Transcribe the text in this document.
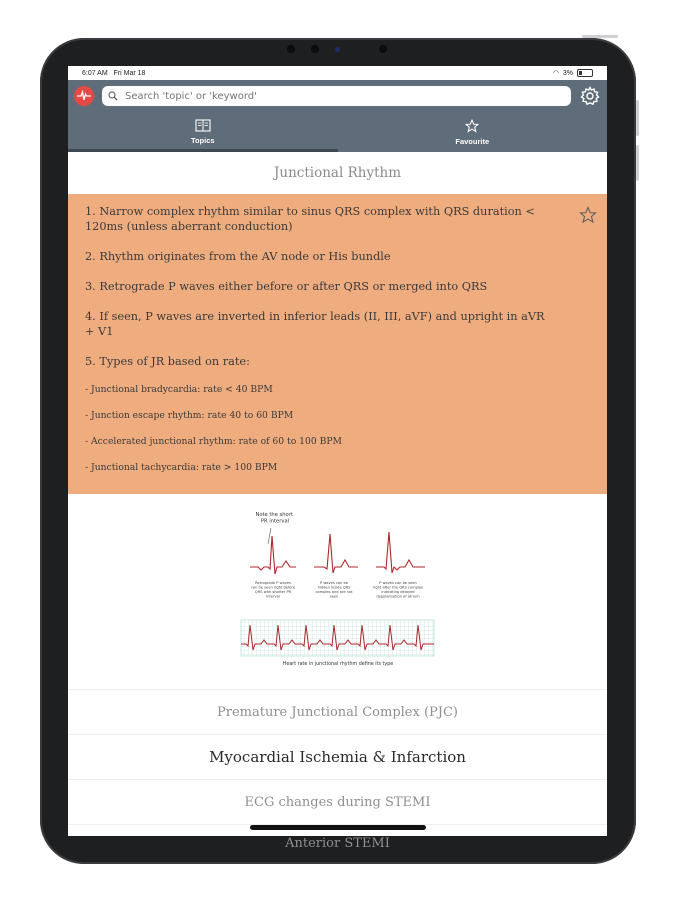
6:07 AM Fri Mar 18	◠ 3%
Search 'topic' or 'keyword'
Topics	Favourite
Junctional Rhythm

1. Narrow complex rhythm similar to sinus QRS complex with QRS duration < 120ms (unless aberrant conduction)

2. Rhythm originates from the AV node or His bundle

3. Retrograde P waves either before or after QRS or merged into QRS

4. If seen, P waves are inverted in inferior leads (II, III, aVF) and upright in aVR + V1

5. Types of JR based on rate:

- Junctional bradycardia: rate < 40 BPM

- Junction escape rhythm: rate 40 to 60 BPM

- Accelerated junctional rhythm: rate of 60 to 100 BPM

- Junctional tachycardia: rate > 100 BPM

Note the short PR interval
Retrograde P waves can be seen right before QRS with shorter PR interval
P waves can be hidden inside QRS complex and are not seen
P waves can be seen right after the QRS complex indicating delayed depolarisation of atrium
Heart rate in junctional rhythm define its type
Premature Junctional Complex (PJC)
Myocardial Ischemia & Infarction
ECG changes during STEMI
Anterior STEMI
